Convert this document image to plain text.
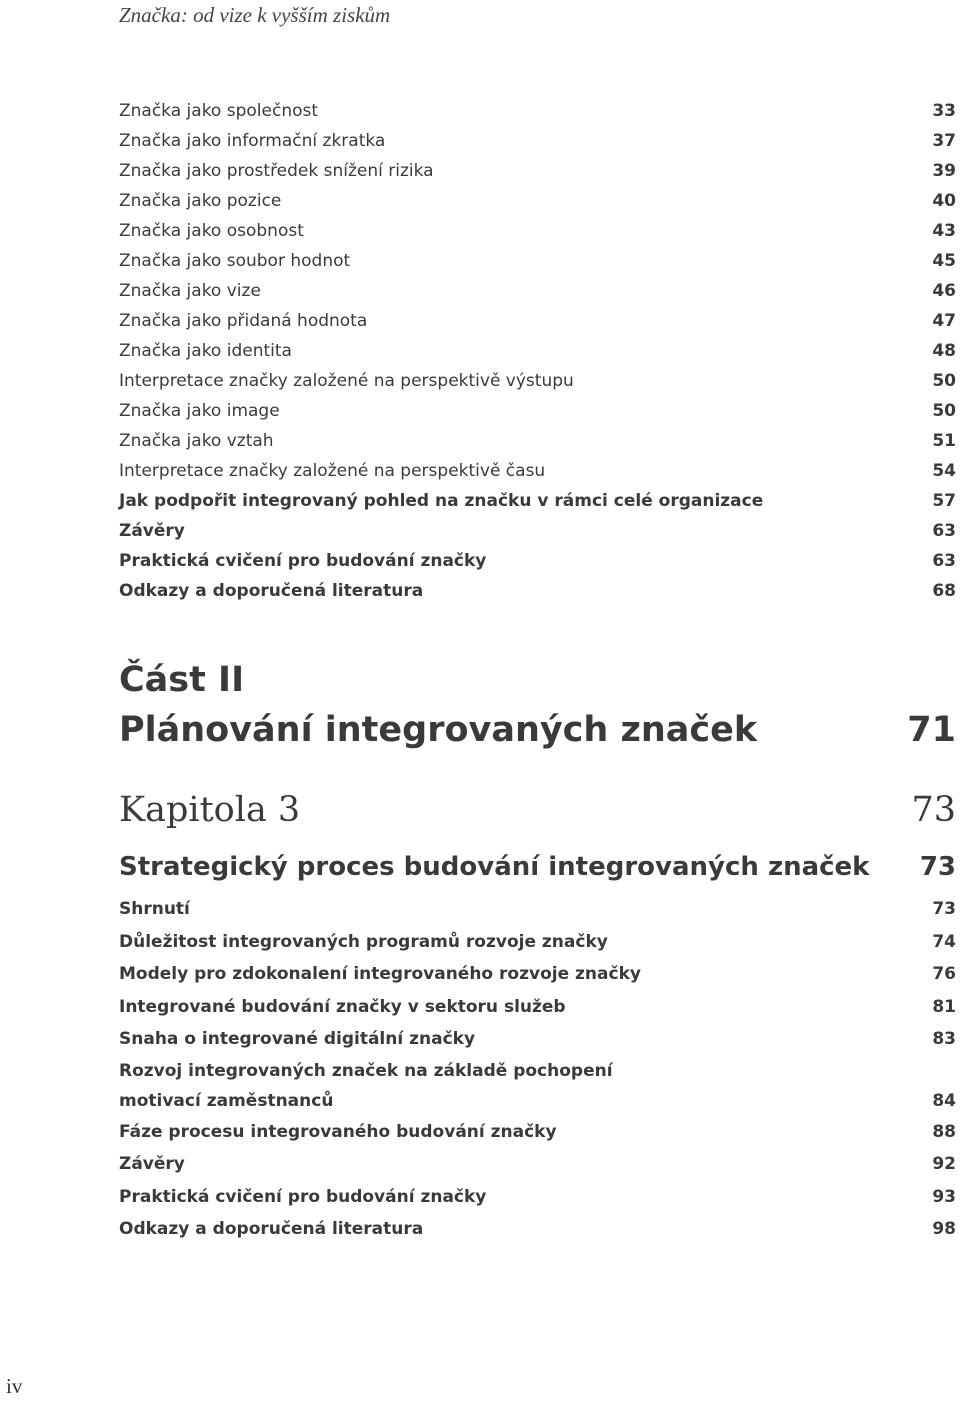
Značka: od vize k vyšším ziskům
Značka jako společnost	33
Značka jako informační zkratka	37
Značka jako prostředek snížení rizika	39
Značka jako pozice	40
Značka jako osobnost	43
Značka jako soubor hodnot	45
Značka jako vize	46
Značka jako přidaná hodnota	47
Značka jako identita	48
Interpretace značky založené na perspektivě výstupu	50
Značka jako image	50
Značka jako vztah	51
Interpretace značky založené na perspektivě času	54
Jak podpořit integrovaný pohled na značku v rámci celé organizace	57
Závěry	63
Praktická cvičení pro budování značky	63
Odkazy a doporučená literatura	68
Část II
Plánování integrovaných značek	71
Kapitola 3	73
Strategický proces budování integrovaných značek 73
Shrnutí	73
Důležitost integrovaných programů rozvoje značky	74
Modely pro zdokonalení integrovaného rozvoje značky	76
Integrované budování značky v sektoru služeb	81
Snaha o integrované digitální značky	83
Rozvoj integrovaných značek na základě pochopení
motivací zaměstnanců	84
Fáze procesu integrovaného budování značky	88
Závěry	92
Praktická cvičení pro budování značky	93
Odkazy a doporučená literatura	98
iv
